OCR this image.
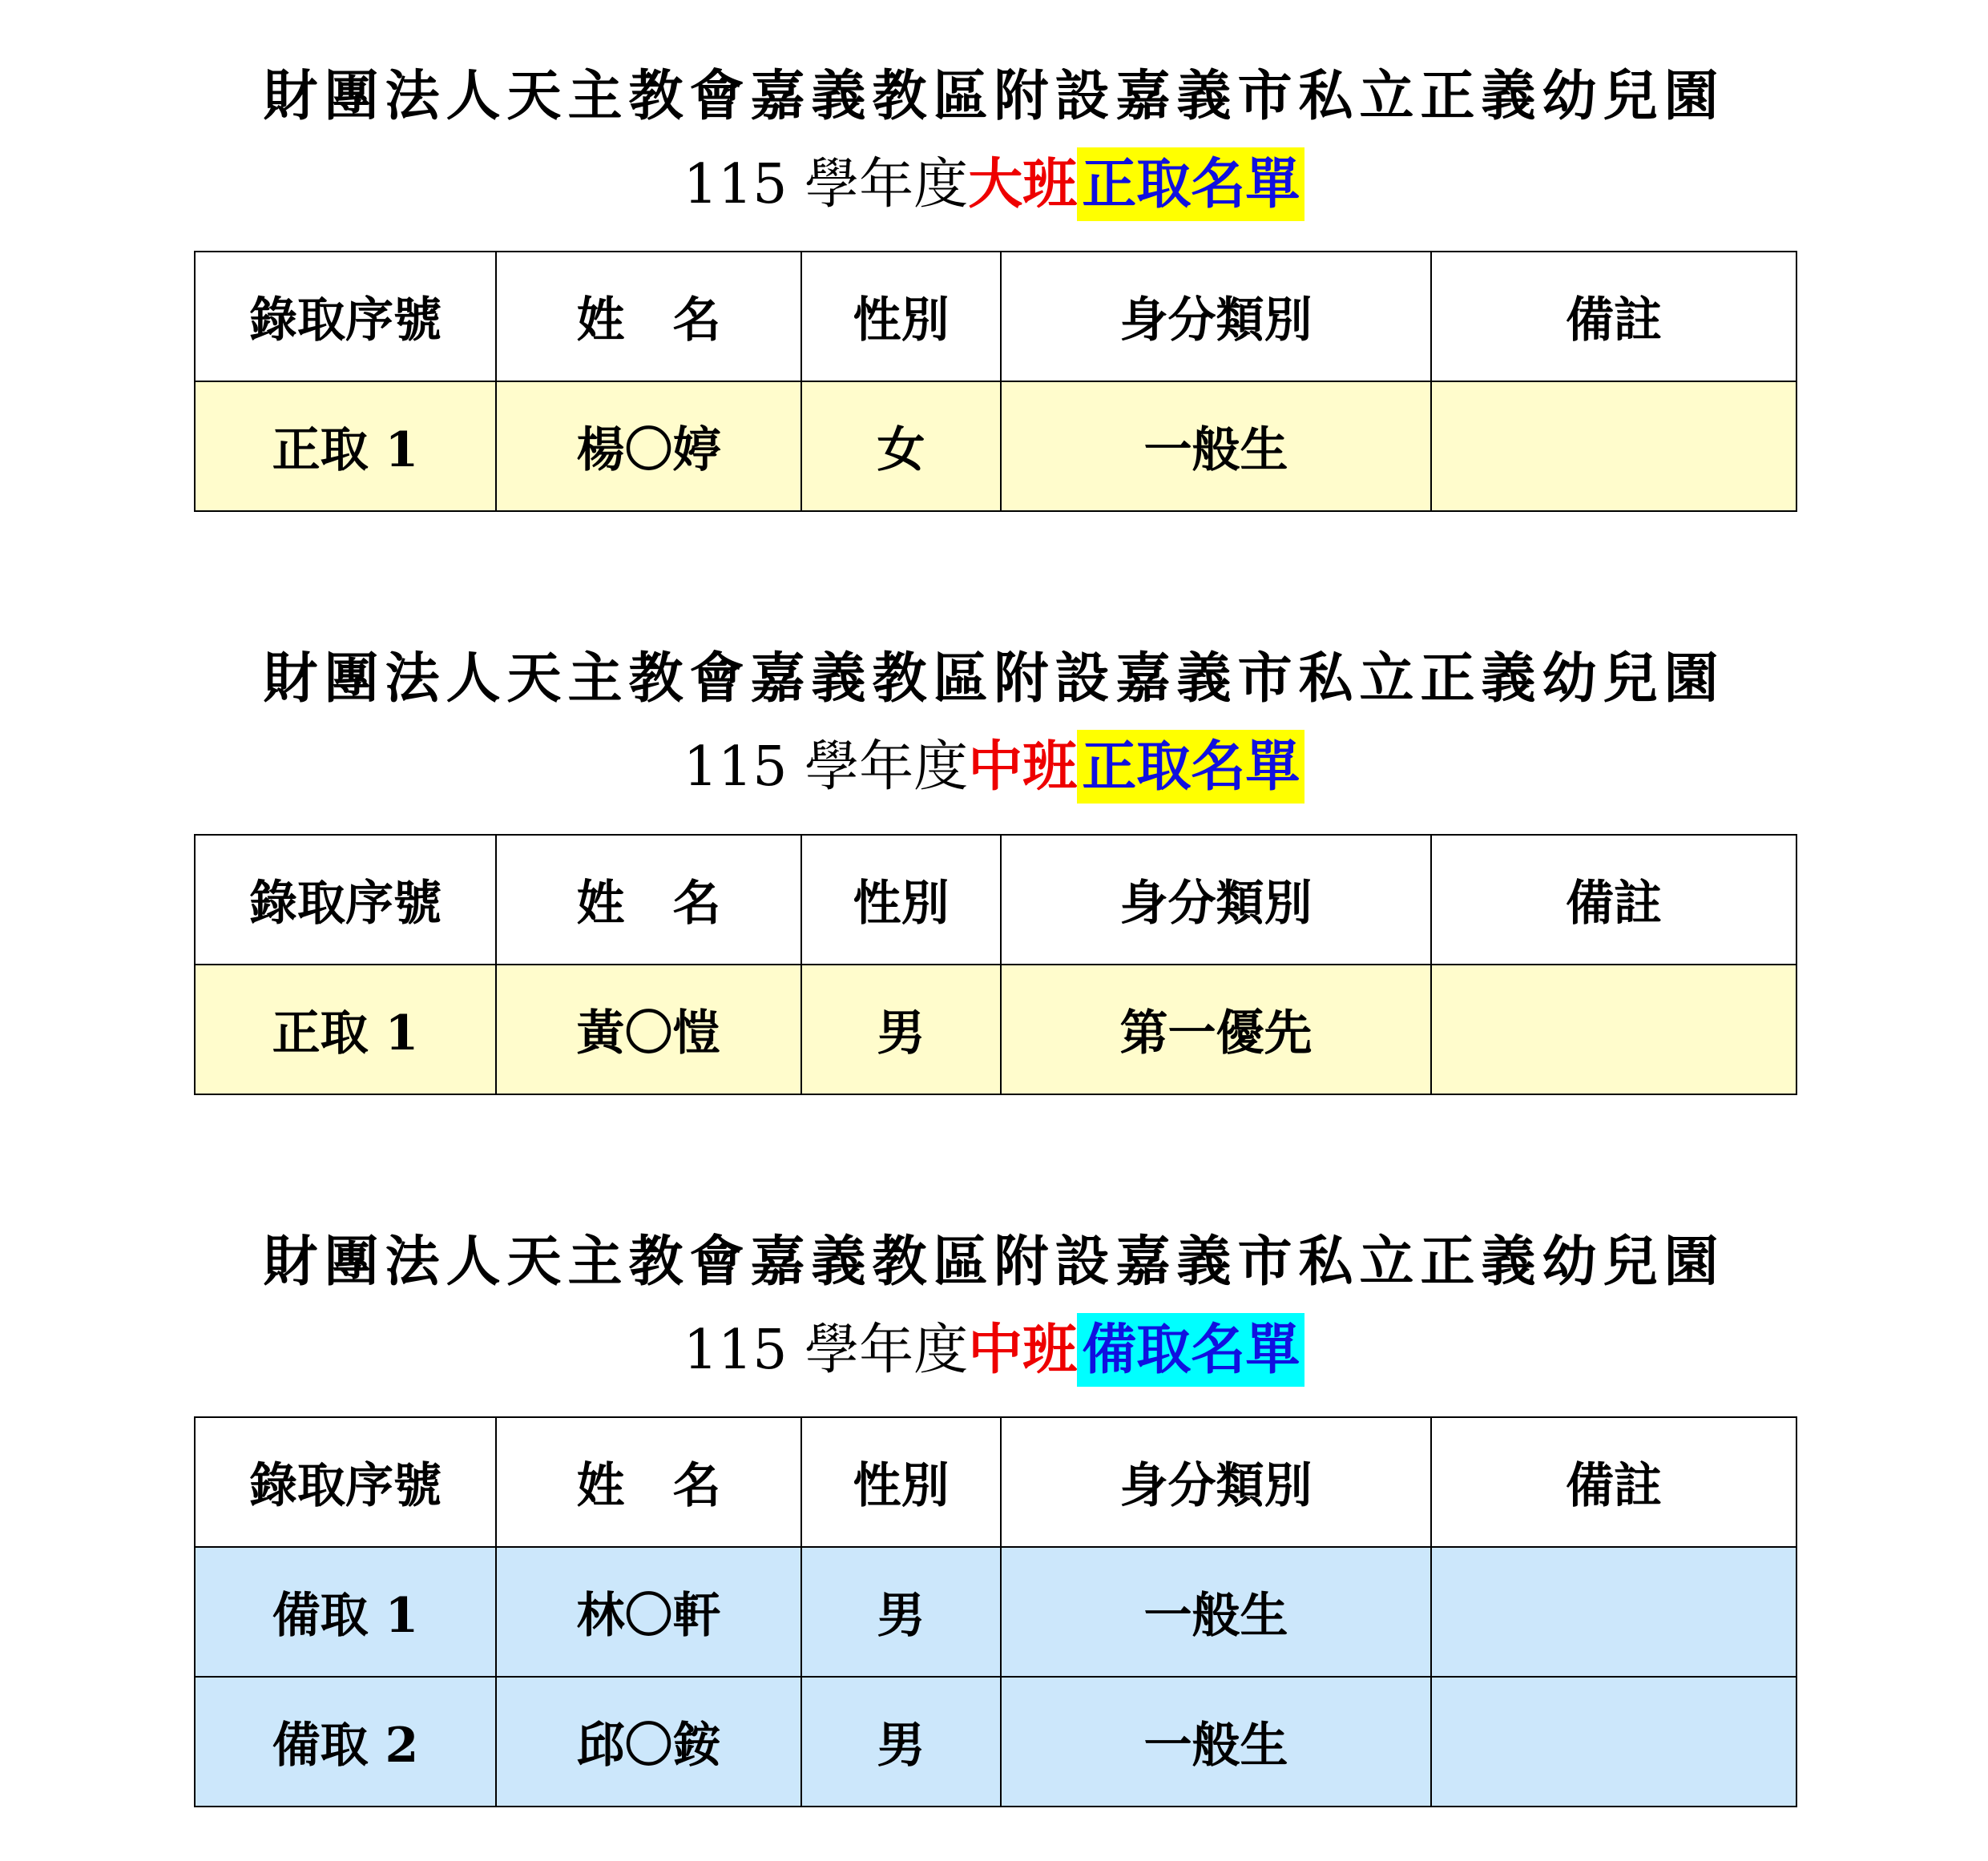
財團法人天主教會嘉義教區附設嘉義市私立正義幼兒園
115 學年度大班正取名單
錄取序號	姓　名	性別	身分類別	備註
正取 1	楊〇婷	女	一般生	
財團法人天主教會嘉義教區附設嘉義市私立正義幼兒園
115 學年度中班正取名單
錄取序號	姓　名	性別	身分類別	備註
正取 1	黃〇愷	男	第一優先	
財團法人天主教會嘉義教區附設嘉義市私立正義幼兒園
115 學年度中班備取名單
錄取序號	姓　名	性別	身分類別	備註
備取 1	林〇軒	男	一般生	
備取 2	邱〇銨	男	一般生	
